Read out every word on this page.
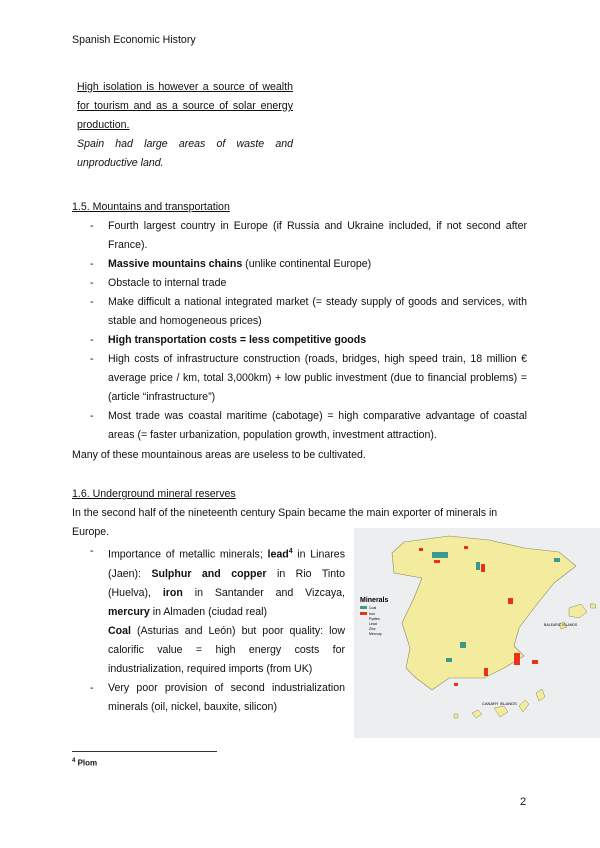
Spanish Economic History
High isolation is however a source of wealth
for tourism and as a source of solar energy
production.
Spain had large areas of waste and
unproductive land.
1.5. Mountains and transportation
- Fourth largest country in Europe (if Russia and Ukraine included, if not second after France).
- Massive mountains chains (unlike continental Europe)
- Obstacle to internal trade
- Make difficult a national integrated market (= steady supply of goods and services, with stable and homogeneous prices)
- High transportation costs = less competitive goods
- High costs of infrastructure construction (roads, bridges, high speed train, 18 million € average price / km, total 3,000km) + low public investment (due to financial problems) = (article “infrastructure”)
- Most trade was coastal maritime (cabotage) = high comparative advantage of coastal areas (= faster urbanization, population growth, investment attraction).
Many of these mountainous areas are useless to be cultivated.
1.6. Underground mineral reserves
In the second half of the nineteenth century Spain became the main exporter of minerals in Europe.
- Importance of metallic minerals; lead$^4$ in Linares (Jaen): Sulphur and copper in Rio Tinto (Huelva), iron in Santander and Vizcaya, mercury in Almaden (ciudad real)
Coal (Asturias and León) but poor quality: low calorific value = high energy costs for industrialization, required imports (from UK)
- Very poor provision of second industrialization minerals (oil, nickel, bauxite, silicon)
Minerals
Coal
Iron
Pyrites
Lead
Zinc
Mercury
BALEARIC ISLANDS
CANARY ISLANDS
$^4$ Plom
2
